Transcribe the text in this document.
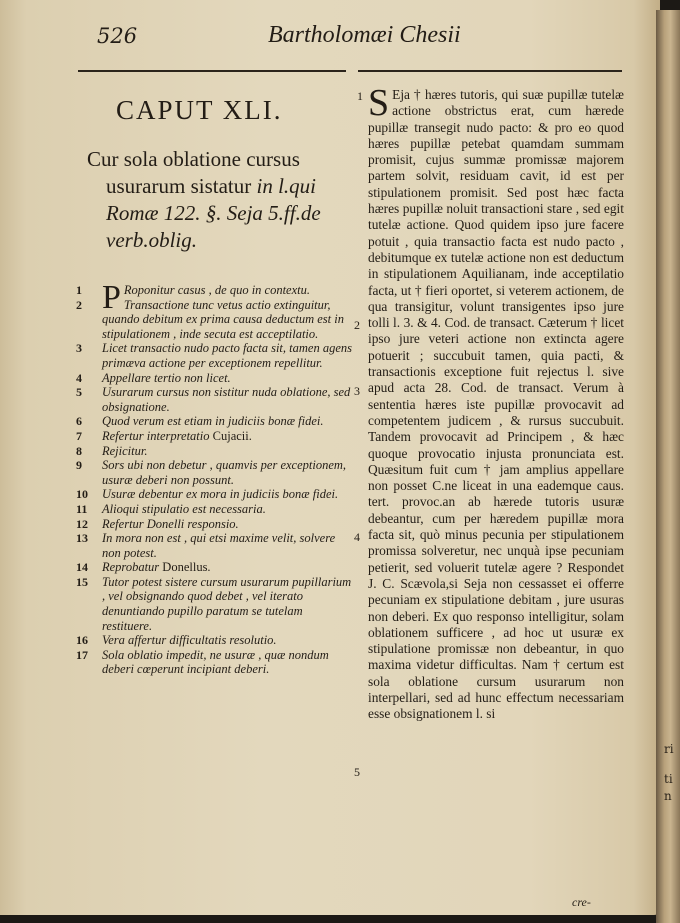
526	Bartholomæi Chesii
CAPUT XLI.
Cur sola oblatione cursus
usurarum sistatur in l.qui
Romæ 122. §. Seja 5.ff.de
verb.oblig.

1 P Roponitur casus , de quo in contextu.

2	Transactione tunc vetus actio extinguitur, quando debitum ex prima causa deductum est in stipulationem , inde secuta est acceptilatio.

3 Licet transactio nudo pacto facta sit, tamen agens primæva actione per exceptionem repellitur.

4 Appellare tertio non licet.

5 Usurarum cursus non sistitur nuda oblatione, sed obsignatione.

6 Quod verum est etiam in judiciis bonæ fidei.

7 Refertur interpretatio Cujacii.

8 Rejicitur.

9 Sors ubi non debetur , quamvis per exceptionem, usuræ deberi non possunt.

10 Usuræ debentur ex mora in judiciis bonæ fidei.

11 Alioqui stipulatio est necessaria.

12 Refertur Donelli responsio.

13 In mora non est , qui etsi maxime velit, solvere non potest.

14 Reprobatur Donellus.

15 Tutor potest sistere cursum usurarum pupillarium , vel obsignando quod debet , vel iterato denuntiando pupillo paratum se tutelam restituere.

16 Vera affertur difficultatis resolutio.

17 Sola oblatio impedit, ne usuræ , quæ nondum deberi cœperunt incipiant deberi.

S Eja † hæres tutoris, qui suæ pupillæ tutelæ actione obstrictus erat, cum hærede pupillæ transegit nudo pacto: & pro eo quod hæres pupillæ petebat quamdam summam promisit, cujus summæ promissæ majorem partem solvit, residuam cavit, id est per stipulationem promisit. Sed post hæc facta hæres pupillæ noluit transactioni stare , sed egit tutelæ actione. Quod quidem ipso jure facere potuit , quia transactio facta est nudo pacto , debitumque ex tutelæ actione non est deductum in stipulationem Aquilianam, inde acceptilatio facta, ut † fieri oportet, si veterem actionem, de qua transigitur, volunt transigentes ipso jure tolli l. 3. & 4. Cod. de transact. Cæterum † licet ipso jure veteri actione non extincta agere potuerit ; succubuit tamen, quia pacti, & transactionis exceptione fuit rejectus l. sive apud acta 28. Cod. de transact. Verum à sententia hæres iste pupillæ provocavit ad competentem judicem , & rursus succubuit. Tandem provocavit ad Principem , & hæc quoque provocatio injusta pronunciata est. Quæsitum fuit cum † jam amplius appellare non posset C.ne liceat in una eademque caus. tert. provoc.an ab hærede tutoris usuræ debeantur, cum per hæredem pupillæ mora facta sit, quò minus pecunia per stipulationem promissa solveretur, nec unquà ipse pecuniam petierit, sed voluerit tutelæ agere ? Respondet J. C. Scævola,si Seja non cessasset ei offerre pecuniam ex stipulatione debitam , jure usuras non deberi. Ex quo responso intelligitur, solam oblationem sufficere , ad hoc ut usuræ ex stipulatione promissæ non debeantur, in quo maxima videtur difficultas. Nam † certum est sola oblatione cursum usurarum non interpellari, sed ad hunc effectum necessariam esse obsignationem l. si

1
2
3
4
5
cre-
ri
ti
n
